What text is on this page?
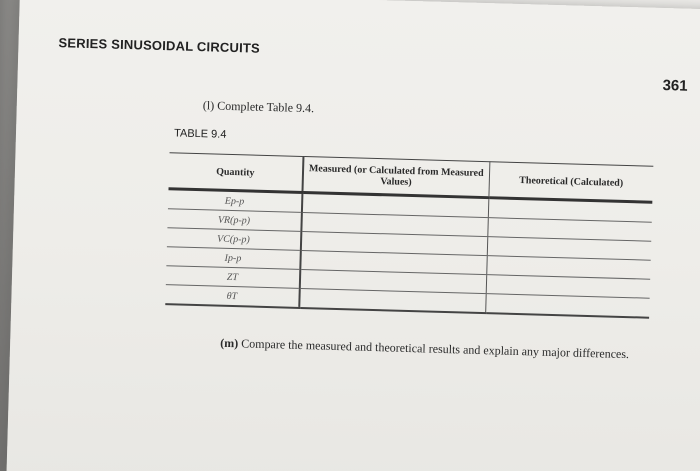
SERIES SINUSOIDAL CIRCUITS
361
(l) Complete Table 9.4.
TABLE 9.4
Quantity	Measured (or Calculated from Measured Values)	Theoretical (Calculated)
Ep-p		
VR(p-p)		
VC(p-p)		
Ip-p		
ZT		
θT		
(m) Compare the measured and theoretical results and explain any major differences.
